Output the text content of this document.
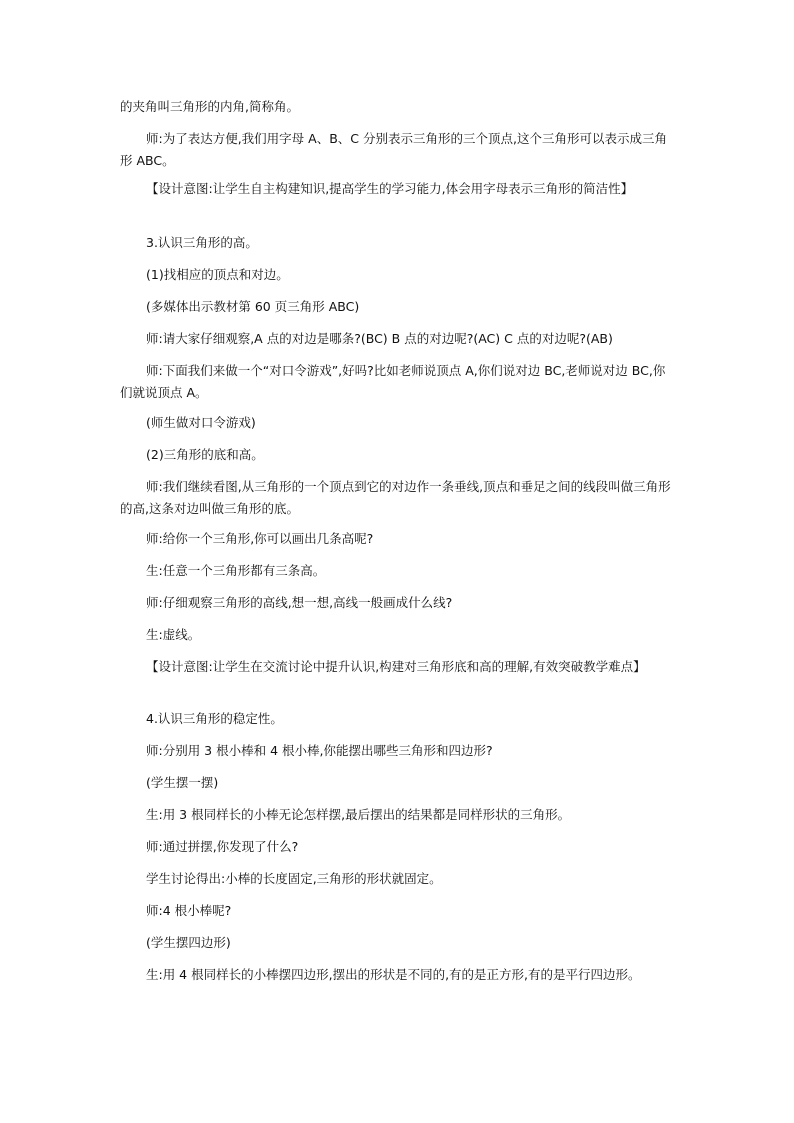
的夹角叫三角形的内角,简称角。

师:为了表达方便,我们用字母 A、B、C 分别表示三角形的三个顶点,这个三角形可以表示成三角形 ABC。

【设计意图:让学生自主构建知识,提高学生的学习能力,体会用字母表示三角形的简洁性】

3.认识三角形的高。

(1)找相应的顶点和对边。

(多媒体出示教材第 60 页三角形 ABC)

师:请大家仔细观察,A 点的对边是哪条?(BC) B 点的对边呢?(AC) C 点的对边呢?(AB)

师:下面我们来做一个“对口令游戏”,好吗?比如老师说顶点 A,你们说对边 BC,老师说对边 BC,你们就说顶点 A。

(师生做对口令游戏)

(2)三角形的底和高。

师:我们继续看图,从三角形的一个顶点到它的对边作一条垂线,顶点和垂足之间的线段叫做三角形的高,这条对边叫做三角形的底。

师:给你一个三角形,你可以画出几条高呢?

生:任意一个三角形都有三条高。

师:仔细观察三角形的高线,想一想,高线一般画成什么线?

生:虚线。

【设计意图:让学生在交流讨论中提升认识,构建对三角形底和高的理解,有效突破教学难点】

4.认识三角形的稳定性。

师:分别用 3 根小棒和 4 根小棒,你能摆出哪些三角形和四边形?

(学生摆一摆)

生:用 3 根同样长的小棒无论怎样摆,最后摆出的结果都是同样形状的三角形。

师:通过拼摆,你发现了什么?

学生讨论得出:小棒的长度固定,三角形的形状就固定。

师:4 根小棒呢?

(学生摆四边形)

生:用 4 根同样长的小棒摆四边形,摆出的形状是不同的,有的是正方形,有的是平行四边形。
